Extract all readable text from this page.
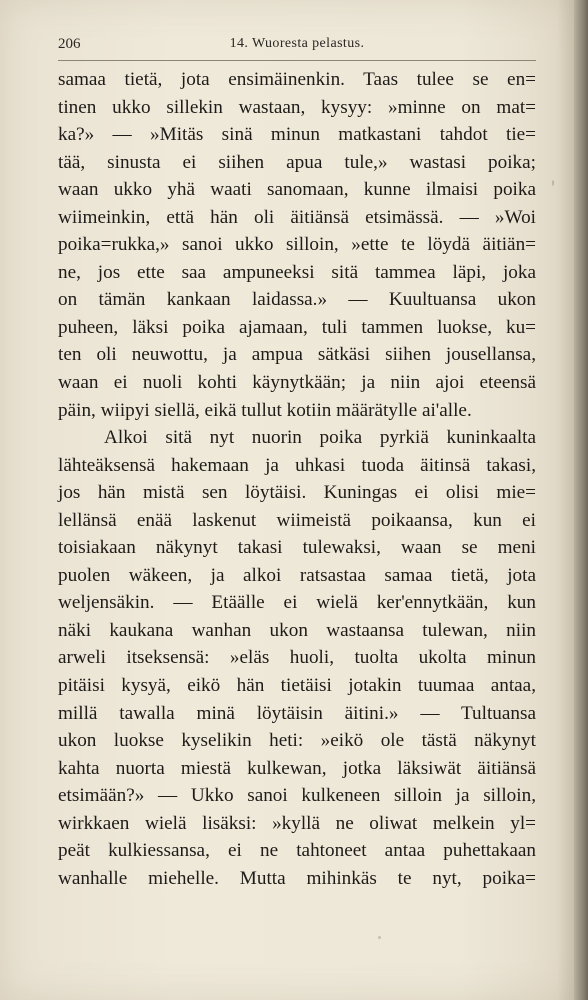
206	14. Wuoresta pelastus.
samaa tietä, jota ensimäinenkin. Taas tulee se en=
tinen ukko sillekin wastaan, kysyy: »minne on mat=
ka?» — »Mitäs sinä minun matkastani tahdot tie=
tää, sinusta ei siihen apua tule,» wastasi poika;
waan ukko yhä waati sanomaan, kunne ilmaisi poika
wiimeinkin, että hän oli äitiänsä etsimässä. — »Woi
poika=rukka,» sanoi ukko silloin, »ette te löydä äitiän=
ne, jos ette saa ampuneeksi sitä tammea läpi, joka
on tämän kankaan laidassa.» — Kuultuansa ukon
puheen, läksi poika ajamaan, tuli tammen luokse, ku=
ten oli neuwottu, ja ampua sätkäsi siihen jousellansa,
waan ei nuoli kohti käynytkään; ja niin ajoi eteensä
päin, wiipyi siellä, eikä tullut kotiin määrätylle ai'alle.
Alkoi sitä nyt nuorin poika pyrkiä kuninkaalta
lähteäksensä hakemaan ja uhkasi tuoda äitinsä takasi,
jos hän mistä sen löytäisi. Kuningas ei olisi mie=
lellänsä enää laskenut wiimeistä poikaansa, kun ei
toisiakaan näkynyt takasi tulewaksi, waan se meni
puolen wäkeen, ja alkoi ratsastaa samaa tietä, jota
weljensäkin. — Etäälle ei wielä ker'ennytkään, kun
näki kaukana wanhan ukon wastaansa tulewan, niin
arweli itseksensä: »eläs huoli, tuolta ukolta minun
pitäisi kysyä, eikö hän tietäisi jotakin tuumaa antaa,
millä tawalla minä löytäisin äitini.» — Tultuansa
ukon luokse kyselikin heti: »eikö ole tästä näkynyt
kahta nuorta miestä kulkewan, jotka läksiwät äitiänsä
etsimään?» — Ukko sanoi kulkeneen silloin ja silloin,
wirkkaen wielä lisäksi: »kyllä ne oliwat melkein yl=
peät kulkiessansa, ei ne tahtoneet antaa puhettakaan
wanhalle miehelle. Mutta mihinkäs te nyt, poika=
